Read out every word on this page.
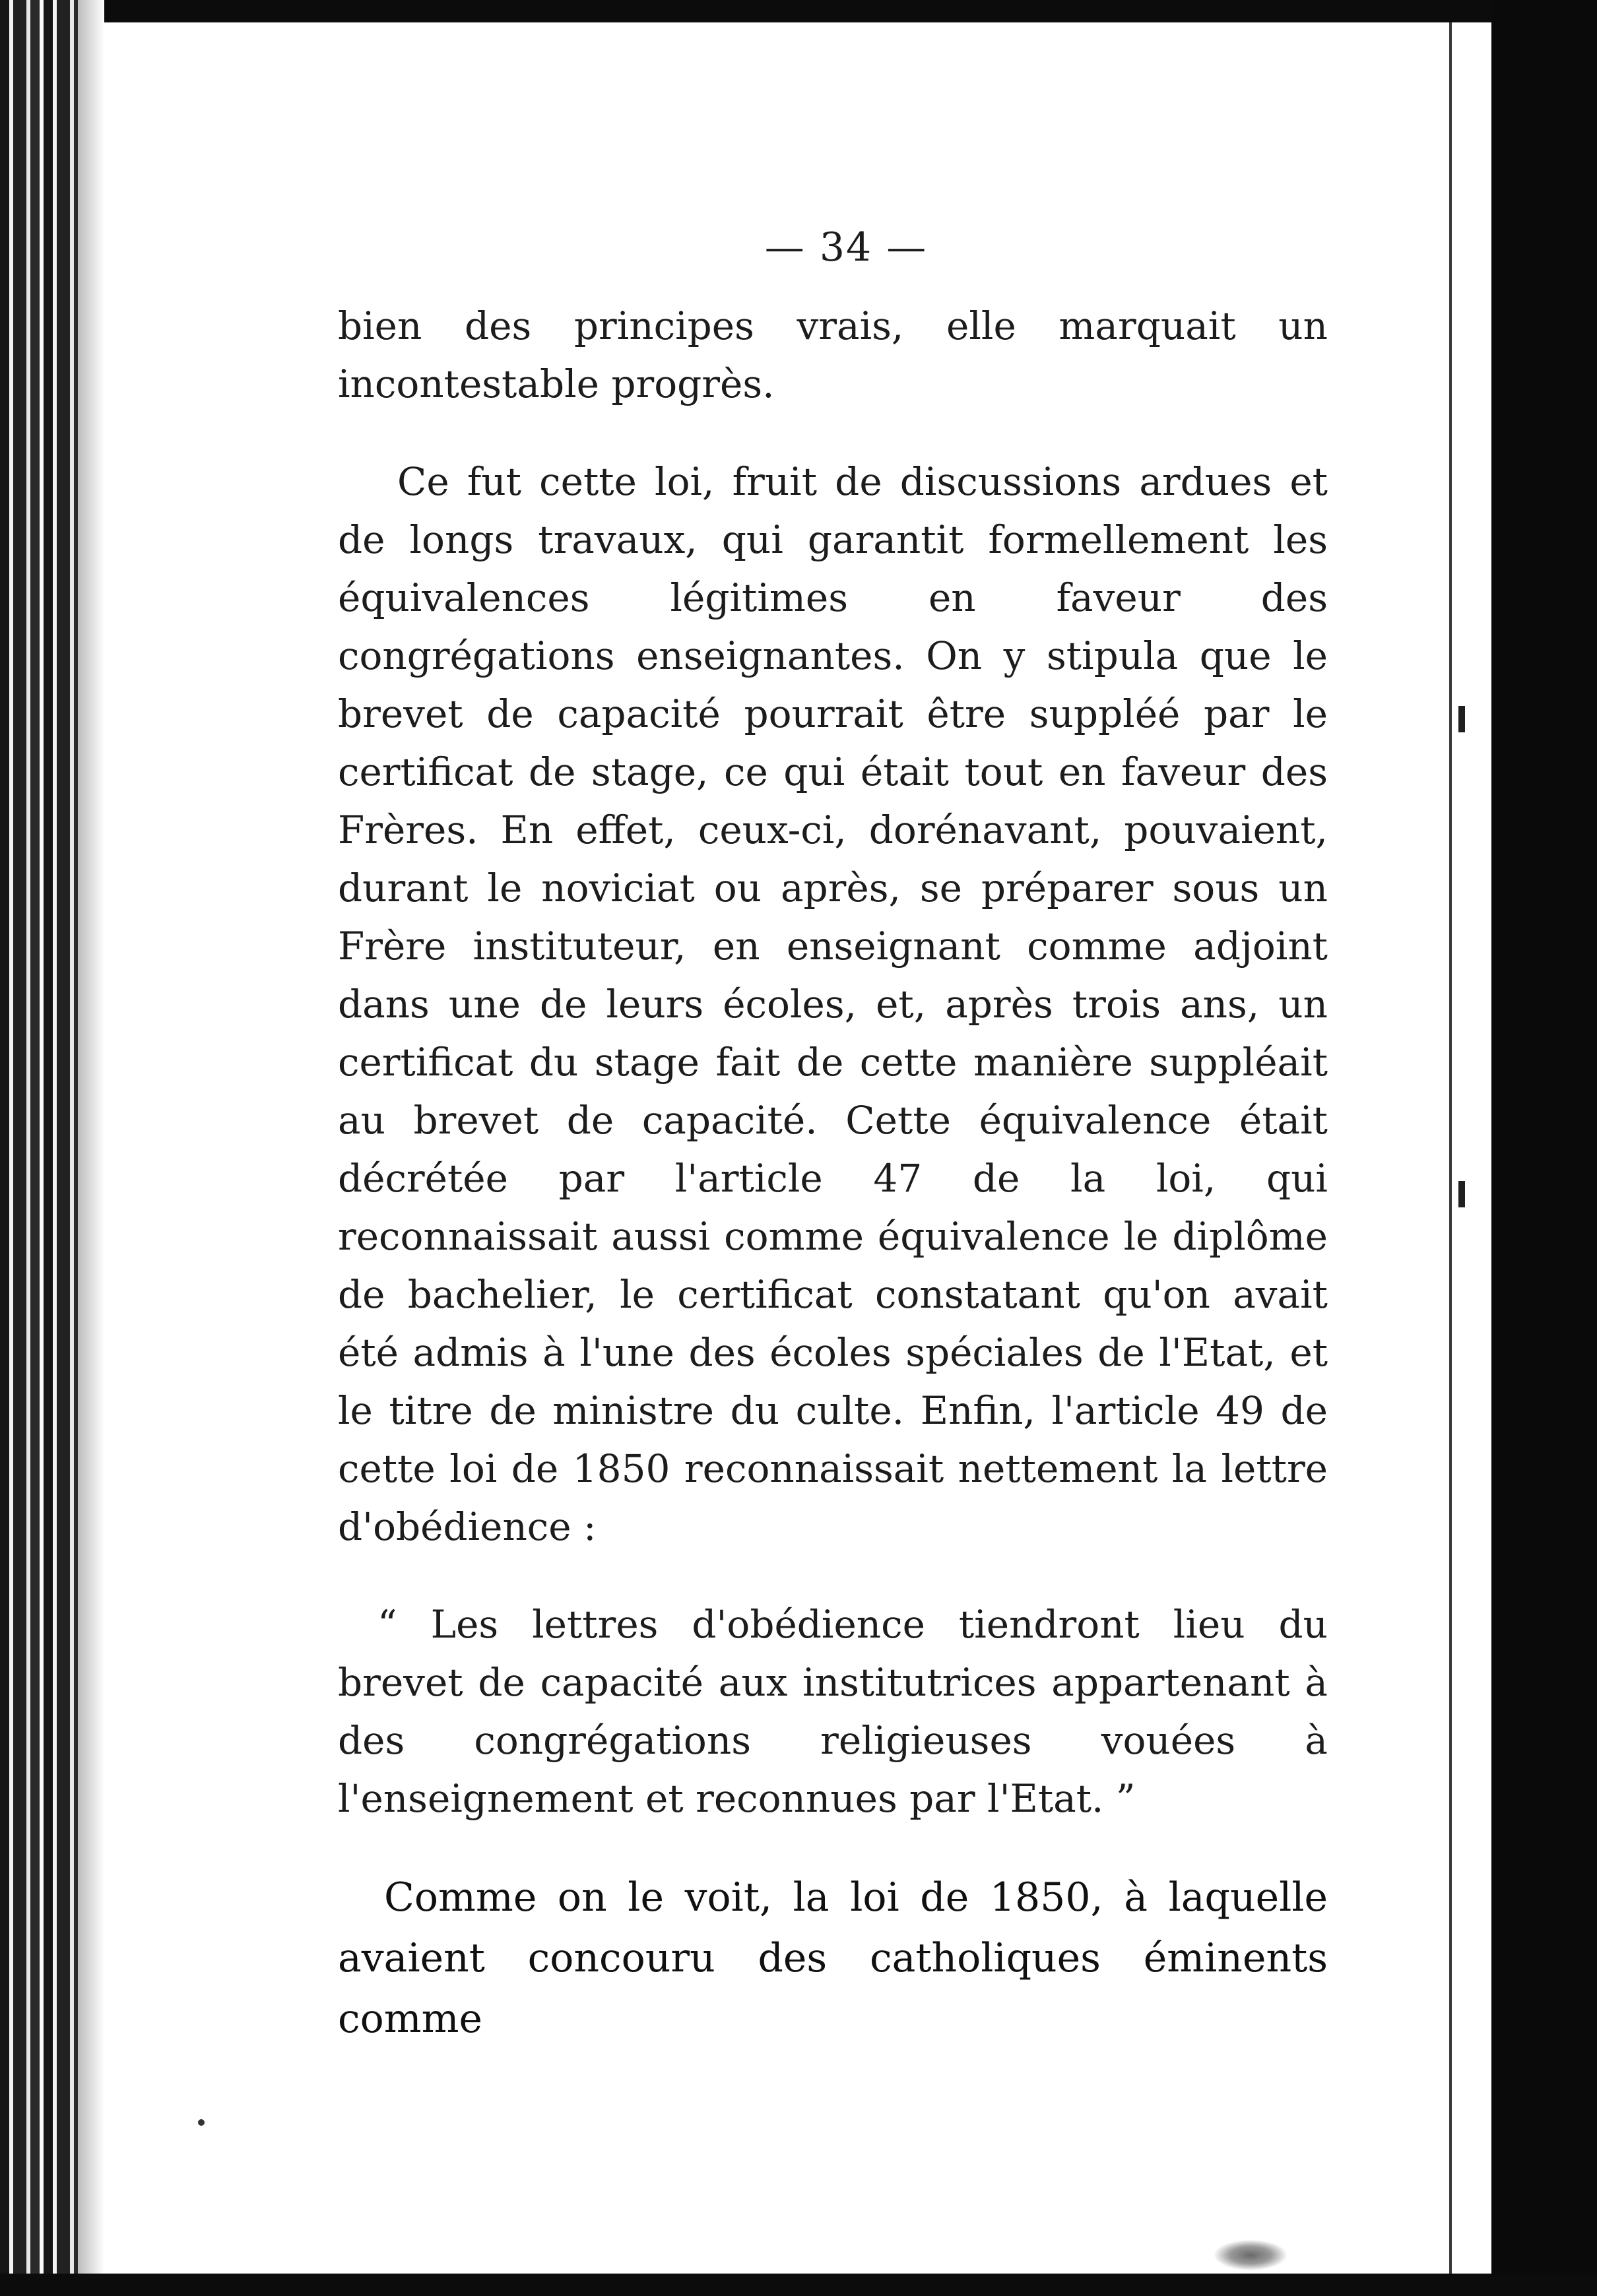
— 34 —

bien des principes vrais, elle marquait un incontestable progrès.

Ce fut cette loi, fruit de discussions ardues et de longs travaux, qui garantit formellement les équivalences légitimes en faveur des congrégations enseignantes. On y stipula que le brevet de capacité pourrait être suppléé par le certificat de stage, ce qui était tout en faveur des Frères. En effet, ceux-ci, dorénavant, pouvaient, durant le noviciat ou après, se préparer sous un Frère instituteur, en enseignant comme adjoint dans une de leurs écoles, et, après trois ans, un certificat du stage fait de cette manière suppléait au brevet de capacité. Cette équivalence était décrétée par l'article 47 de la loi, qui reconnaissait aussi comme équivalence le diplôme de bachelier, le certificat constatant qu'on avait été admis à l'une des écoles spéciales de l'Etat, et le titre de ministre du culte. Enfin, l'article 49 de cette loi de 1850 reconnaissait nettement la lettre d'obédience :

“ Les lettres d'obédience tiendront lieu du brevet de capacité aux institutrices appartenant à des congrégations religieuses vouées à l'enseignement et reconnues par l'Etat. ”

Comme on le voit, la loi de 1850, à laquelle avaient concouru des catholiques éminents comme
